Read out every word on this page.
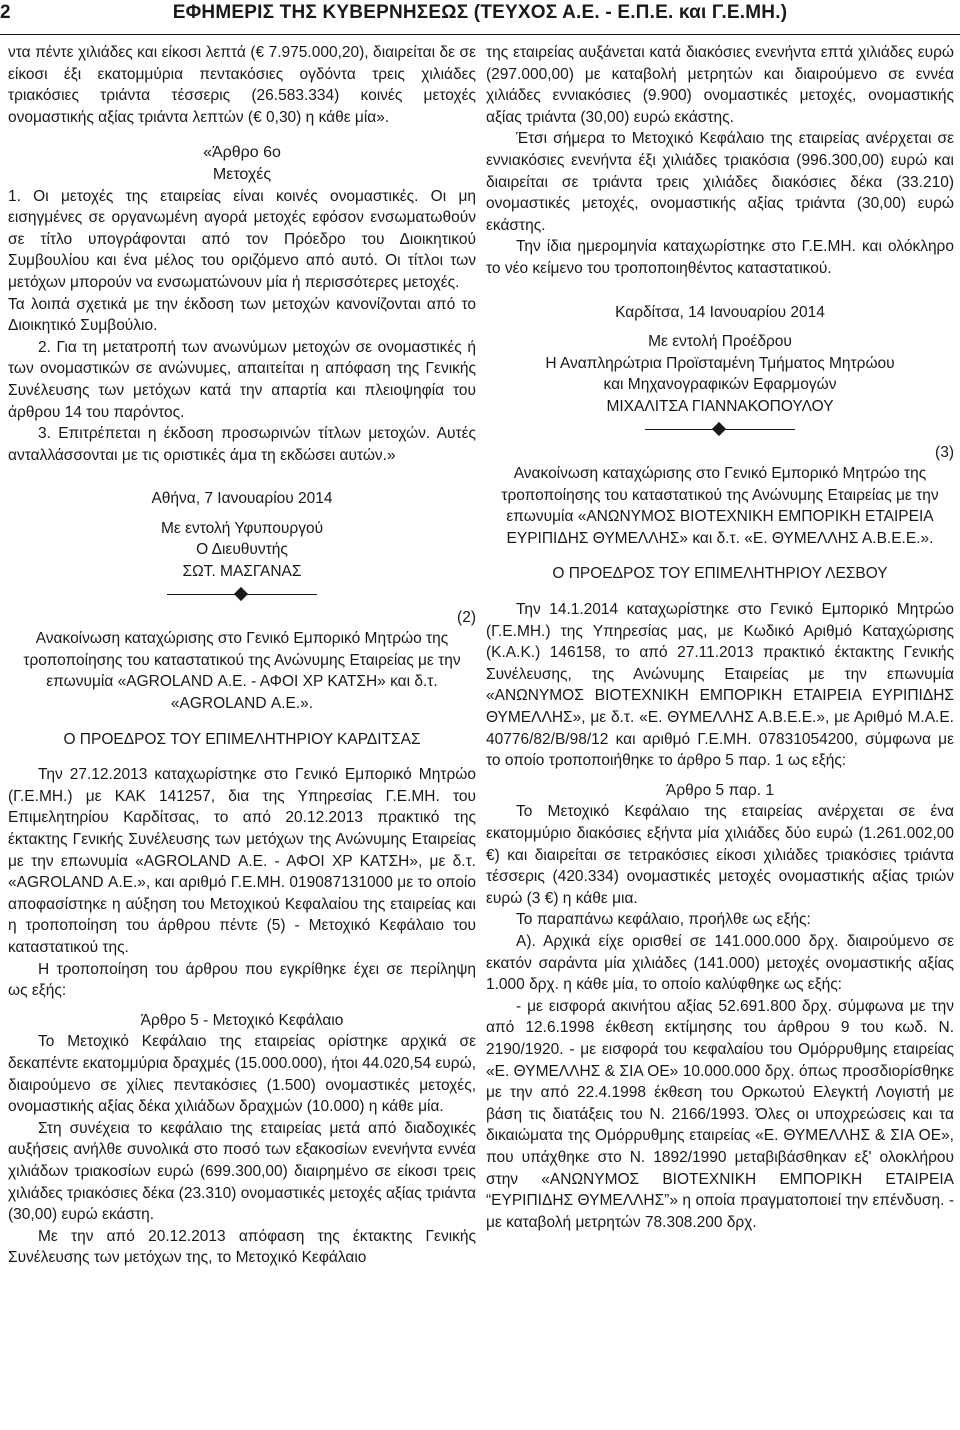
2	ΕΦΗΜΕΡΙΣ ΤΗΣ ΚΥΒΕΡΝΗΣΕΩΣ (ΤΕΥΧΟΣ Α.Ε. - Ε.Π.Ε. και Γ.Ε.ΜΗ.)

ντα πέντε χιλιάδες και είκοσι λεπτά (€ 7.975.000,20), διαιρείται δε σε είκοσι έξι εκατομμύρια πεντακόσιες ογδόντα τρεις χιλιάδες τριακόσιες τριάντα τέσσερις (26.583.334) κοινές μετοχές ονομαστικής αξίας τριάντα λεπτών (€ 0,30) η κάθε μία».

«Άρθρο 6ο

Μετοχές

1. Οι μετοχές της εταιρείας είναι κοινές ονομαστικές. Οι μη εισηγμένες σε οργανωμένη αγορά μετοχές εφόσον ενσωματωθούν σε τίτλο υπογράφονται από τον Πρόεδρο του Διοικητικού Συμβουλίου και ένα μέλος του οριζόμενο από αυτό. Οι τίτλοι των μετόχων μπορούν να ενσωματώνουν μία ή περισσότερες μετοχές.

Τα λοιπά σχετικά με την έκδοση των μετοχών κανονίζονται από το Διοικητικό Συμβούλιο.

2. Για τη μετατροπή των ανωνύμων μετοχών σε ονομαστικές ή των ονομαστικών σε ανώνυμες, απαιτείται η απόφαση της Γενικής Συνέλευσης των μετόχων κατά την απαρτία και πλειοψηφία του άρθρου 14 του παρόντος.

3. Επιτρέπεται η έκδοση προσωρινών τίτλων μετοχών. Αυτές ανταλλάσσονται με τις οριστικές άμα τη εκδώσει αυτών.»

Αθήνα, 7 Ιανουαρίου 2014

Με εντολή Υφυπουργού

Ο Διευθυντής

ΣΩΤ. ΜΑΣΓΑΝΑΣ

(2)

Ανακοίνωση καταχώρισης στο Γενικό Εμπορικό Μητρώο της τροποποίησης του καταστατικού της Ανώνυμης Εταιρείας με την επωνυμία «AGROLAND Α.Ε. - ΑΦΟΙ ΧΡ ΚΑΤΣΗ» και δ.τ. «AGROLAND Α.Ε.».

Ο ΠΡΟΕΔΡΟΣ ΤΟΥ ΕΠΙΜΕΛΗΤΗΡΙΟΥ ΚΑΡΔΙΤΣΑΣ

Την 27.12.2013 καταχωρίστηκε στο Γενικό Εμπορικό Μητρώο (Γ.Ε.ΜΗ.) με ΚΑΚ 141257, δια της Υπηρεσίας Γ.Ε.ΜΗ. του Επιμελητηρίου Καρδίτσας, το από 20.12.2013 πρακτικό της έκτακτης Γενικής Συνέλευσης των μετόχων της Ανώνυμης Εταιρείας με την επωνυμία «AGROLAND Α.Ε. - ΑΦΟΙ ΧΡ ΚΑΤΣΗ», με δ.τ. «AGROLAND Α.Ε.», και αριθμό Γ.Ε.ΜΗ. 019087131000 με το οποίο αποφασίστηκε η αύξηση του Μετοχικού Κεφαλαίου της εταιρείας και η τροποποίηση του άρθρου πέντε (5) - Μετοχικό Κεφάλαιο του καταστατικού της.

Η τροποποίηση του άρθρου που εγκρίθηκε έχει σε περίληψη ως εξής:

Άρθρο 5 - Μετοχικό Κεφάλαιο

Το Μετοχικό Κεφάλαιο της εταιρείας ορίστηκε αρχικά σε δεκαπέντε εκατομμύρια δραχμές (15.000.000), ήτοι 44.020,54 ευρώ, διαιρούμενο σε χίλιες πεντακόσιες (1.500) ονομαστικές μετοχές, ονομαστικής αξίας δέκα χιλιάδων δραχμών (10.000) η κάθε μία.

Στη συνέχεια το κεφάλαιο της εταιρείας μετά από διαδοχικές αυξήσεις ανήλθε συνολικά στο ποσό των εξακοσίων ενενήντα εννέα χιλιάδων τριακοσίων ευρώ (699.300,00) διαιρημένο σε είκοσι τρεις χιλιάδες τριακόσιες δέκα (23.310) ονομαστικές μετοχές αξίας τριάντα (30,00) ευρώ εκάστη.

Με την από 20.12.2013 απόφαση της έκτακτης Γενικής Συνέλευσης των μετόχων της, το Μετοχικό Κεφάλαιο

της εταιρείας αυξάνεται κατά διακόσιες ενενήντα επτά χιλιάδες ευρώ (297.000,00) με καταβολή μετρητών και διαιρούμενο σε εννέα χιλιάδες εννιακόσιες (9.900) ονομαστικές μετοχές, ονομαστικής αξίας τριάντα (30,00) ευρώ εκάστης.

Έτσι σήμερα το Μετοχικό Κεφάλαιο της εταιρείας ανέρχεται σε εννιακόσιες ενενήντα έξι χιλιάδες τριακόσια (996.300,00) ευρώ και διαιρείται σε τριάντα τρεις χιλιάδες διακόσιες δέκα (33.210) ονομαστικές μετοχές, ονομαστικής αξίας τριάντα (30,00) ευρώ εκάστης.

Την ίδια ημερομηνία καταχωρίστηκε στο Γ.Ε.ΜΗ. και ολόκληρο το νέο κείμενο του τροποποιηθέντος καταστατικού.

Καρδίτσα, 14 Ιανουαρίου 2014

Με εντολή Προέδρου

Η Αναπληρώτρια Προϊσταμένη Τμήματος Μητρώου

και Μηχανογραφικών Εφαρμογών

ΜΙΧΑΛΙΤΣΑ ΓΙΑΝΝΑΚΟΠΟΥΛΟΥ

(3)

Ανακοίνωση καταχώρισης στο Γενικό Εμπορικό Μητρώο της τροποποίησης του καταστατικού της Ανώνυμης Εταιρείας με την επωνυμία «ΑΝΩΝΥΜΟΣ ΒΙΟΤΕΧΝΙΚΗ ΕΜΠΟΡΙΚΗ ΕΤΑΙΡΕΙΑ ΕΥΡΙΠΙΔΗΣ ΘΥΜΕΛΛΗΣ» και δ.τ. «Ε. ΘΥΜΕΛΛΗΣ Α.Β.Ε.Ε.».

Ο ΠΡΟΕΔΡΟΣ ΤΟΥ ΕΠΙΜΕΛΗΤΗΡΙΟΥ ΛΕΣΒΟΥ

Την 14.1.2014 καταχωρίστηκε στο Γενικό Εμπορικό Μητρώο (Γ.Ε.ΜΗ.) της Υπηρεσίας μας, με Κωδικό Αριθμό Καταχώρισης (Κ.Α.Κ.) 146158, το από 27.11.2013 πρακτικό έκτακτης Γενικής Συνέλευσης, της Ανώνυμης Εταιρείας με την επωνυμία «ΑΝΩΝΥΜΟΣ ΒΙΟΤΕΧΝΙΚΗ ΕΜΠΟΡΙΚΗ ΕΤΑΙΡΕΙΑ ΕΥΡΙΠΙΔΗΣ ΘΥΜΕΛΛΗΣ», με δ.τ. «Ε. ΘΥΜΕΛΛΗΣ Α.Β.Ε.Ε.», με Αριθμό Μ.Α.Ε. 40776/82/Β/98/12 και αριθμό Γ.Ε.ΜΗ. 07831054200, σύμφωνα με το οποίο τροποποιήθηκε το άρθρο 5 παρ. 1 ως εξής:

Άρθρο 5 παρ. 1

Το Μετοχικό Κεφάλαιο της εταιρείας ανέρχεται σε ένα εκατομμύριο διακόσιες εξήντα μία χιλιάδες δύο ευρώ (1.261.002,00 €) και διαιρείται σε τετρακόσιες είκοσι χιλιάδες τριακόσιες τριάντα τέσσερις (420.334) ονομαστικές μετοχές ονομαστικής αξίας τριών ευρώ (3 €) η κάθε μια.

Το παραπάνω κεφάλαιο, προήλθε ως εξής:

Α). Αρχικά είχε ορισθεί σε 141.000.000 δρχ. διαιρούμενο σε εκατόν σαράντα μία χιλιάδες (141.000) μετοχές ονομαστικής αξίας 1.000 δρχ. η κάθε μία, το οποίο καλύφθηκε ως εξής:

- με εισφορά ακινήτου αξίας 52.691.800 δρχ. σύμφωνα με την από 12.6.1998 έκθεση εκτίμησης του άρθρου 9 του κωδ. Ν. 2190/1920. - με εισφορά του κεφαλαίου του Ομόρρυθμης εταιρείας «Ε. ΘΥΜΕΛΛΗΣ & ΣΙΑ ΟΕ» 10.000.000 δρχ. όπως προσδιορίσθηκε με την από 22.4.1998 έκθεση του Ορκωτού Ελεγκτή Λογιστή με βάση τις διατάξεις του Ν. 2166/1993. Όλες οι υποχρεώσεις και τα δικαιώματα της Ομόρρυθμης εταιρείας «Ε. ΘΥΜΕΛΛΗΣ & ΣΙΑ ΟΕ», που υπάχθηκε στο Ν. 1892/1990 μεταβιβάσθηκαν εξ' ολοκλήρου στην «ΑΝΩΝΥΜΟΣ ΒΙΟΤΕΧΝΙΚΗ ΕΜΠΟΡΙΚΗ ΕΤΑΙΡΕΙΑ “ΕΥΡΙΠΙΔΗΣ ΘΥΜΕΛΛΗΣ”» η οποία πραγματοποιεί την επένδυση. - με καταβολή μετρητών 78.308.200 δρχ.
